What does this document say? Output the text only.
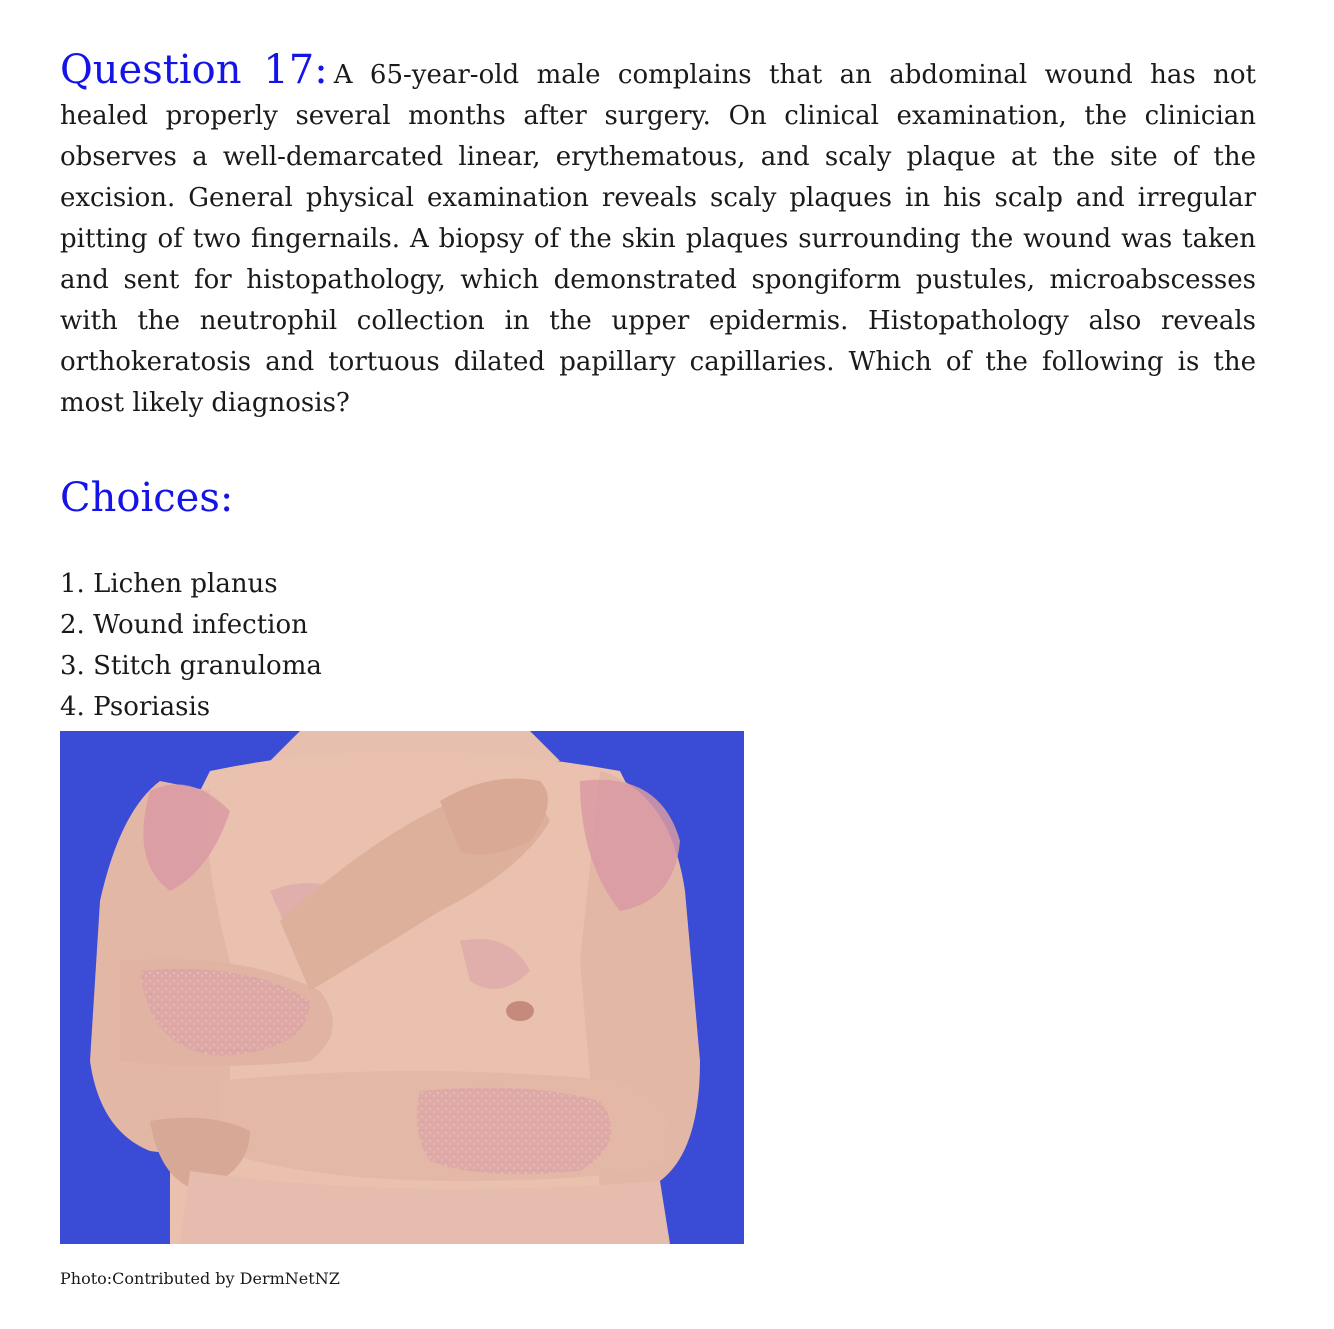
Question 17: A 65-year-old male complains that an abdominal wound has not healed properly several months after surgery. On clinical examination, the clinician observes a well-demarcated linear, erythematous, and scaly plaque at the site of the excision. General physical examination reveals scaly plaques in his scalp and irregular pitting of two fingernails. A biopsy of the skin plaques surrounding the wound was taken and sent for histopathology, which demonstrated spongiform pustules, microabscesses with the neutrophil collection in the upper epidermis. Histopathology also reveals orthokeratosis and tortuous dilated papillary capillaries. Which of the following is the most likely diagnosis?

Choices:
1. Lichen planus
2. Wound infection
3. Stitch granuloma
4. Psoriasis
Photo:Contributed by DermNetNZ
